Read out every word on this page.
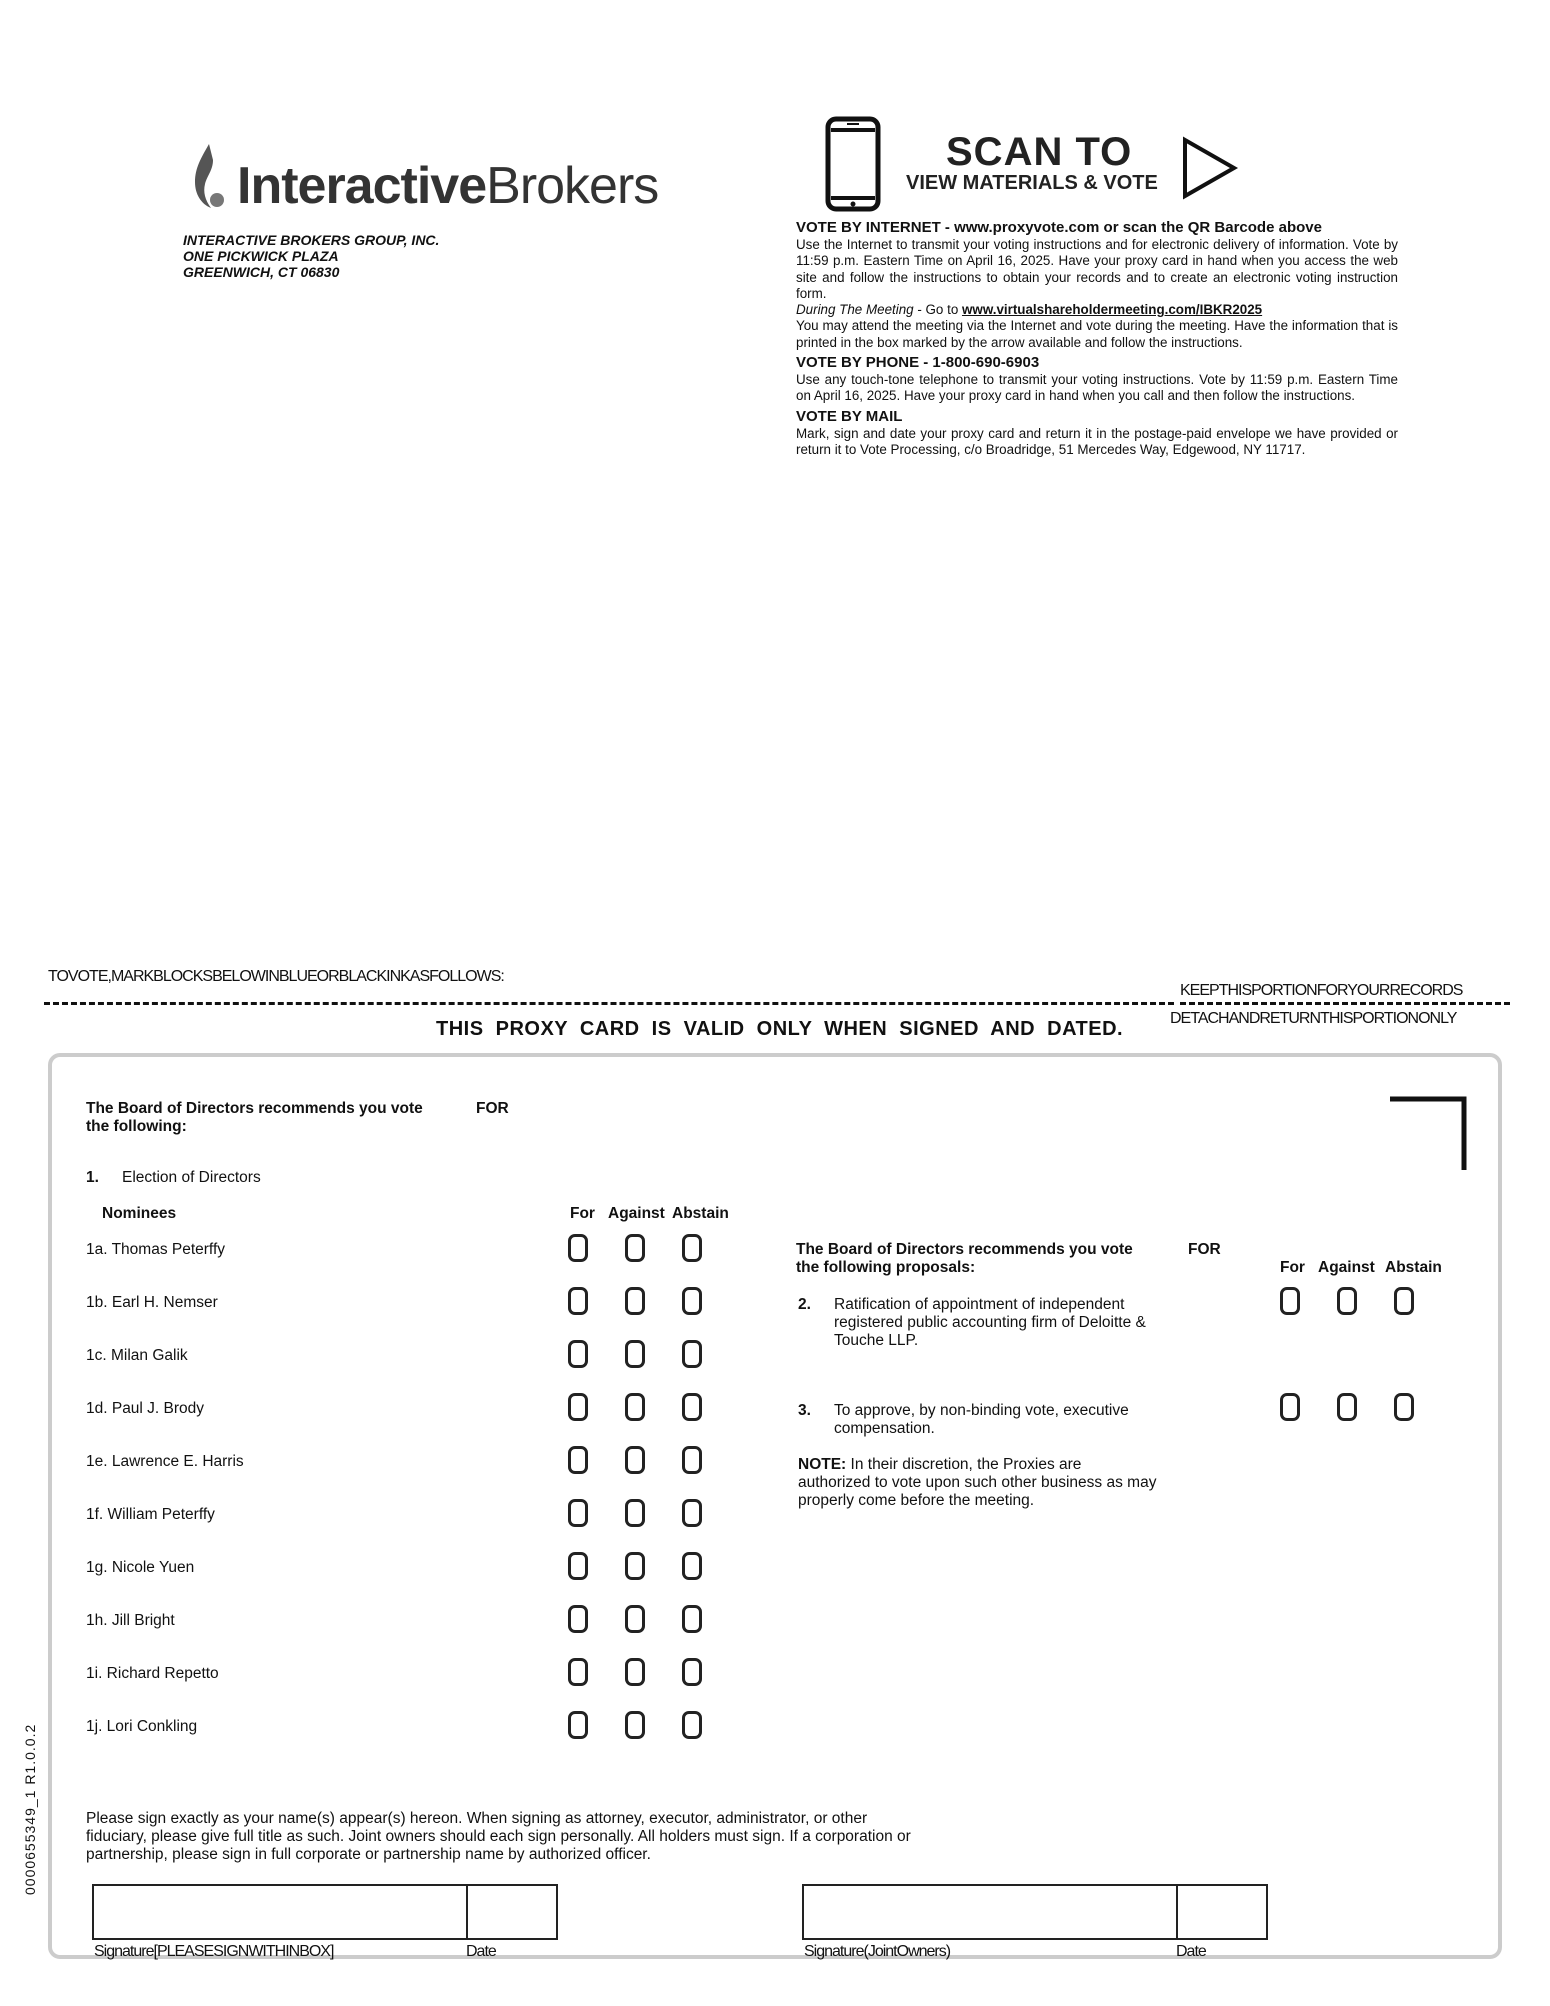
InteractiveBrokers
INTERACTIVE BROKERS GROUP, INC.
ONE PICKWICK PLAZA
GREENWICH, CT 06830
SCAN TO
VIEW MATERIALS & VOTE
VOTE BY INTERNET - www.proxyvote.com or scan the QR Barcode above

Use the Internet to transmit your voting instructions and for electronic delivery of information. Vote by 11:59 p.m. Eastern Time on April 16, 2025. Have your proxy card in hand when you access the web site and follow the instructions to obtain your records and to create an electronic voting instruction form.

During The Meeting - Go to www.virtualshareholdermeeting.com/IBKR2025

You may attend the meeting via the Internet and vote during the meeting. Have the information that is printed in the box marked by the arrow available and follow the instructions.

VOTE BY PHONE - 1-800-690-6903

Use any touch-tone telephone to transmit your voting instructions. Vote by 11:59 p.m. Eastern Time on April 16, 2025. Have your proxy card in hand when you call and then follow the instructions.

VOTE BY MAIL

Mark, sign and date your proxy card and return it in the postage-paid envelope we have provided or return it to Vote Processing, c/o Broadridge, 51 Mercedes Way, Edgewood, NY 11717.

TOVOTE,MARKBLOCKSBELOWINBLUEORBLACKINKASFOLLOWS:
KEEPTHISPORTIONFORYOURRECORDS
DETACHANDRETURNTHISPORTIONONLY
THIS PROXY CARD IS VALID ONLY WHEN SIGNED AND DATED.
The Board of Directors recommends you vote the following:
FOR
1. Election of Directors
Nominees	For Against Abstain
1a. Thomas Peterffy
1b. Earl H. Nemser
1c. Milan Galik
1d. Paul J. Brody
1e. Lawrence E. Harris
1f. William Peterffy
1g. Nicole Yuen
1h. Jill Bright
1i. Richard Repetto
1j. Lori Conkling
The Board of Directors recommends you vote the following proposals:
FOR
For Against Abstain
2. Ratification of appointment of independent registered public accounting firm of Deloitte & Touche LLP.
3. To approve, by non-binding vote, executive compensation.
NOTE: In their discretion, the Proxies are authorized to vote upon such other business as may properly come before the meeting.
Please sign exactly as your name(s) appear(s) hereon. When signing as attorney, executor, administrator, or other fiduciary, please give full title as such. Joint owners should each sign personally. All holders must sign. If a corporation or partnership, please sign in full corporate or partnership name by authorized officer.
Signature[PLEASESIGNWITHINBOX]	Date	Signature(JointOwners)	Date
0000655349_1 R1.0.0.2
